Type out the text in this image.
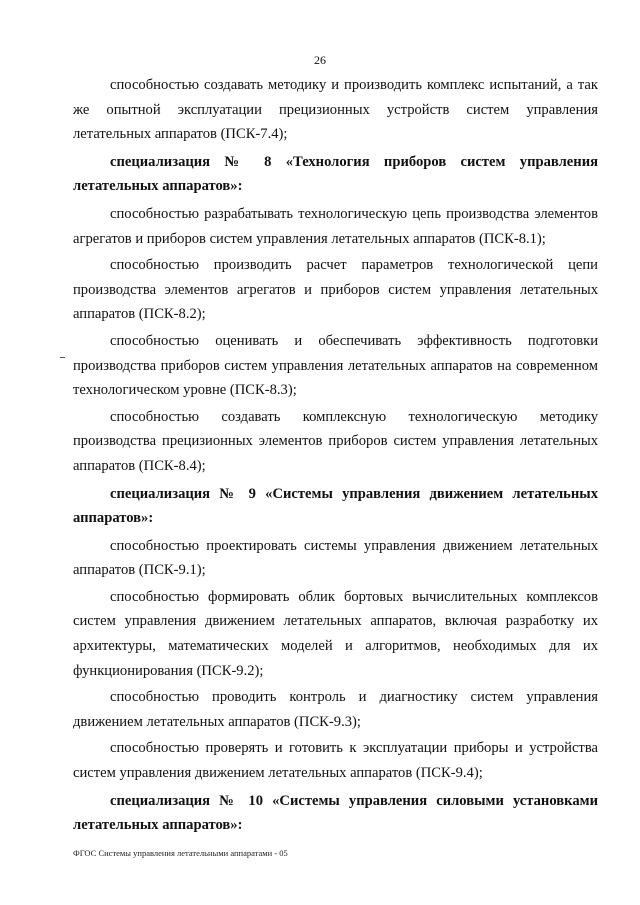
26

способностью создавать методику и производить комплекс испытаний, а так же опытной эксплуатации прецизионных устройств систем управления летательных аппаратов (ПСК-7.4);

специализация № 8 «Технология приборов систем управления летательных аппаратов»:

способностью разрабатывать технологическую цепь производства элементов агрегатов и приборов систем управления летательных аппаратов (ПСК-8.1);

способностью производить расчет параметров технологической цепи производства элементов агрегатов и приборов систем управления летательных аппаратов (ПСК-8.2);

способностью оценивать и обеспечивать эффективность подготовки производства приборов систем управления летательных аппаратов на современном технологическом уровне (ПСК-8.3);

способностью создавать комплексную технологическую методику производства прецизионных элементов приборов систем управления летательных аппаратов (ПСК-8.4);

специализация № 9 «Системы управления движением летательных аппаратов»:

способностью проектировать системы управления движением летательных аппаратов (ПСК-9.1);

способностью формировать облик бортовых вычислительных комплексов систем управления движением летательных аппаратов, включая разработку их архитектуры, математических моделей и алгоритмов, необходимых для их функционирования (ПСК-9.2);

способностью проводить контроль и диагностику систем управления движением летательных аппаратов (ПСК-9.3);

способностью проверять и готовить к эксплуатации приборы и устройства систем управления движением летательных аппаратов (ПСК-9.4);

специализация № 10 «Системы управления силовыми установками летательных аппаратов»:

ФГОС Системы управления летательными аппаратами - 05
